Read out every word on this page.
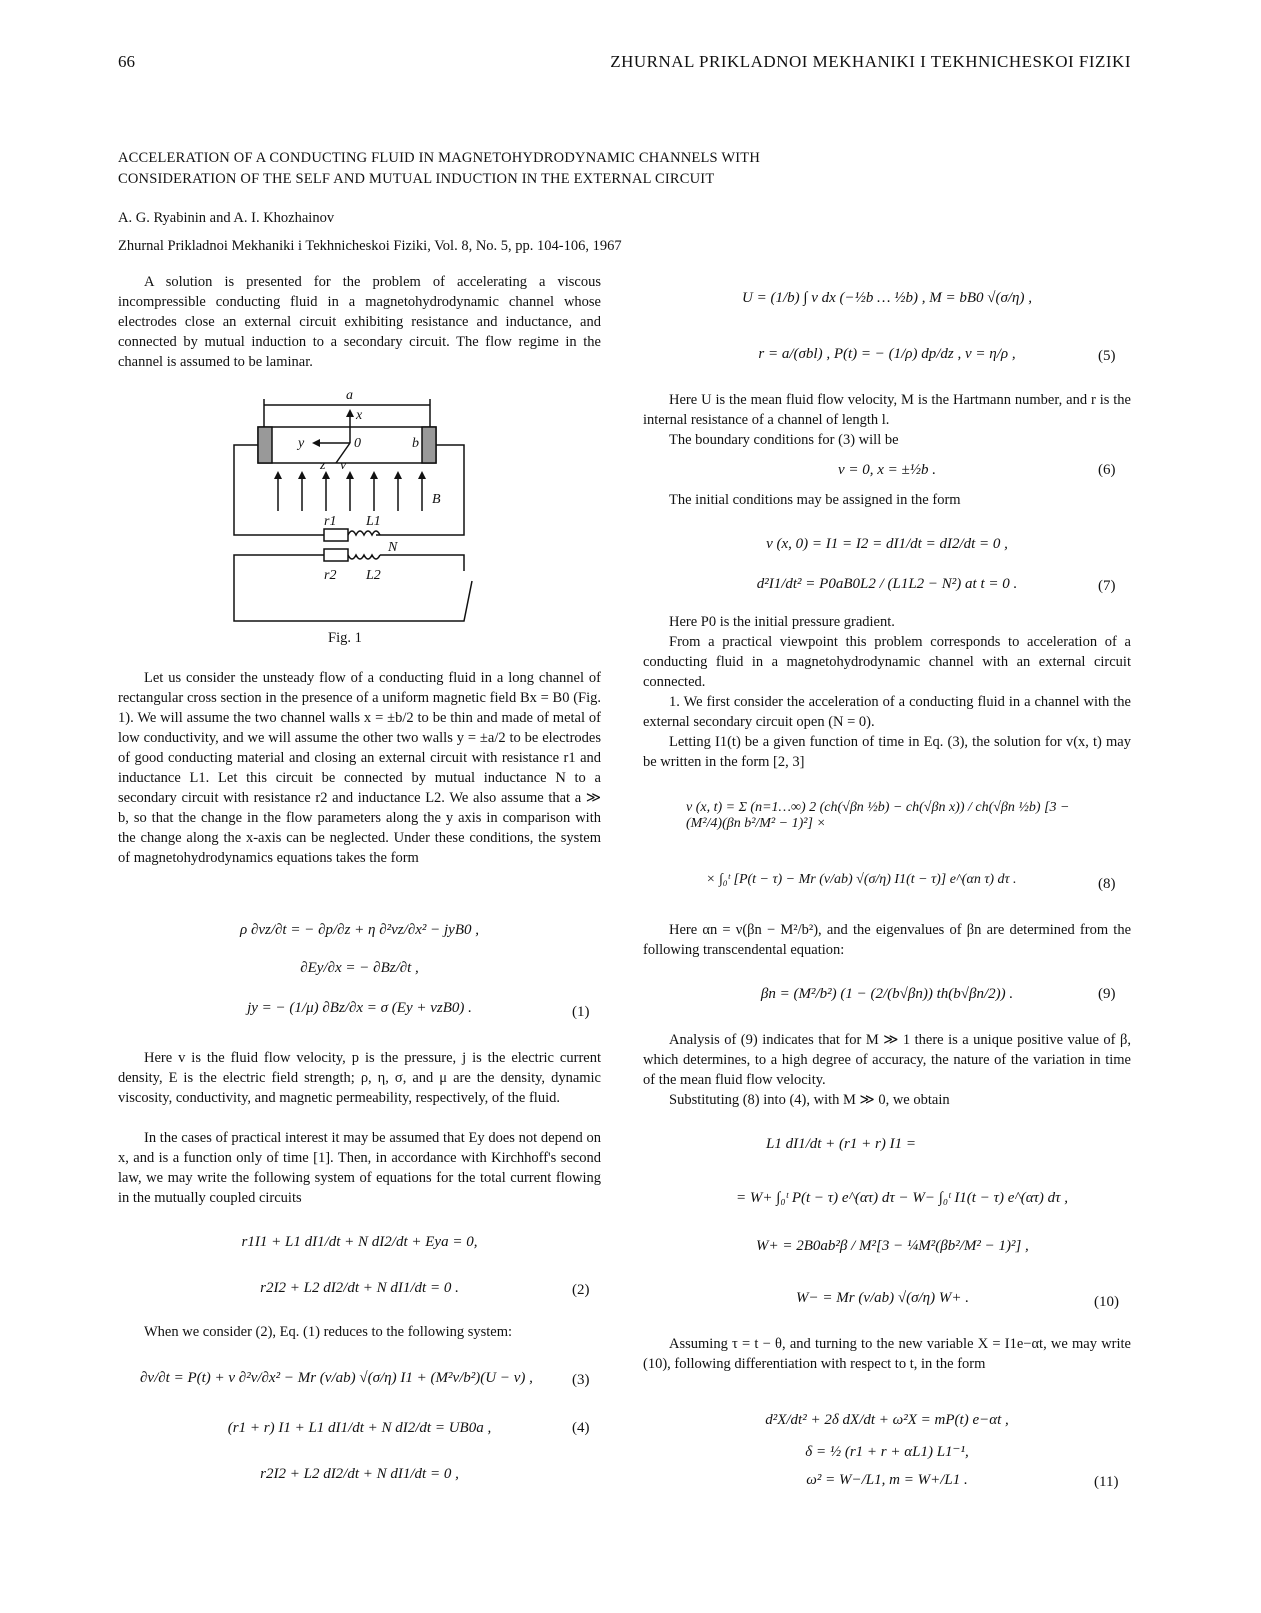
66	ZHURNAL PRIKLADNOI MEKHANIKI I TEKHNICHESKOI FIZIKI
ACCELERATION OF A CONDUCTING FLUID IN MAGNETOHYDRODYNAMIC CHANNELS WITH
CONSIDERATION OF THE SELF AND MUTUAL INDUCTION IN THE EXTERNAL CIRCUIT
A. G. Ryabinin and A. I. Khozhainov
Zhurnal Prikladnoi Mekhaniki i Tekhnicheskoi Fiziki, Vol. 8, No. 5, pp. 104-106, 1967

A solution is presented for the problem of accelerating a viscous incompressible conducting fluid in a magnetohydrodynamic channel whose electrodes close an external circuit exhibiting resistance and inductance, and connected by mutual induction to a secondary circuit. The flow regime in the channel is assumed to be laminar.

a
x
y	0	b
z v
B
r1 L1
N
r2 L2
Fig. 1

Let us consider the unsteady flow of a conducting fluid in a long channel of rectangular cross section in the presence of a uniform magnetic field Bx = B0 (Fig. 1). We will assume the two channel walls x = ±b/2 to be thin and made of metal of low conductivity, and we will assume the other two walls y = ±a/2 to be electrodes of good conducting material and closing an external circuit with resistance r1 and inductance L1. Let this circuit be connected by mutual inductance N to a secondary circuit with resistance r2 and inductance L2. We also assume that a ≫ b, so that the change in the flow parameters along the y axis in comparison with the change along the x-axis can be neglected. Under these conditions, the system of magnetohydrodynamics equations takes the form

ρ ∂vz/∂t = − ∂p/∂z + η ∂²vz/∂x² − jyB0 ,
∂Ey/∂x = − ∂Bz/∂t ,
jy = − (1/μ) ∂Bz/∂x = σ (Ey + vzB0) .	(1)

Here v is the fluid flow velocity, p is the pressure, j is the electric current density, E is the electric field strength; ρ, η, σ, and μ are the density, dynamic viscosity, conductivity, and magnetic permeability, respectively, of the fluid.

In the cases of practical interest it may be assumed that Ey does not depend on x, and is a function only of time [1]. Then, in accordance with Kirchhoff's second law, we may write the following system of equations for the total current flowing in the mutually coupled circuits

r1I1 + L1 dI1/dt + N dI2/dt + Eya = 0,
r2I2 + L2 dI2/dt + N dI1/dt = 0 .	(2)

When we consider (2), Eq. (1) reduces to the following system:

∂v/∂t = P(t) + ν ∂²v/∂x² − Mr (ν/ab) √(σ/η) I1 + (M²ν/b²)(U − v) ,	(3)
(r1 + r) I1 + L1 dI1/dt + N dI2/dt = UB0a ,	(4)
r2I2 + L2 dI2/dt + N dI1/dt = 0 ,
U = (1/b) ∫ v dx (−½b … ½b) , M = bB0 √(σ/η) ,
r = a/(σbl) , P(t) = − (1/ρ) dp/dz , ν = η/ρ ,	(5)

Here U is the mean fluid flow velocity, M is the Hartmann number, and r is the internal resistance of a channel of length l.

The boundary conditions for (3) will be

v = 0, x = ±½b .	(6)

The initial conditions may be assigned in the form

v (x, 0) = I1 = I2 = dI1/dt = dI2/dt = 0 ,
d²I1/dt² = P0aB0L2 / (L1L2 − N²) at t = 0 .	(7)

Here P0 is the initial pressure gradient.

From a practical viewpoint this problem corresponds to acceleration of a conducting fluid in a magnetohydrodynamic channel with an external circuit connected.

1. We first consider the acceleration of a conducting fluid in a channel with the external secondary circuit open (N = 0).

Letting I1(t) be a given function of time in Eq. (3), the solution for v(x, t) may be written in the form [2, 3]

v (x, t) = Σ (n=1…∞) 2 (ch(√βn ½b) − ch(√βn x)) / ch(√βn ½b) [3 − (M²/4)(βn b²/M² − 1)²] ×
× ∫₀ᵗ [P(t − τ) − Mr (ν/ab) √(σ/η) I1(t − τ)] e^(αn τ) dτ .	(8)

Here αn = ν(βn − M²/b²), and the eigenvalues of βn are determined from the following transcendental equation:

βn = (M²/b²) (1 − (2/(b√βn)) th(b√βn/2)) .	(9)

Analysis of (9) indicates that for M ≫ 1 there is a unique positive value of β, which determines, to a high degree of accuracy, the nature of the variation in time of the mean fluid flow velocity.

Substituting (8) into (4), with M ≫ 0, we obtain

L1 dI1/dt + (r1 + r) I1 =
= W+ ∫₀ᵗ P(t − τ) e^(ατ) dτ − W− ∫₀ᵗ I1(t − τ) e^(ατ) dτ ,
W+ = 2B0ab²β / M²[3 − ¼M²(βb²/M² − 1)²] ,
W− = Mr (ν/ab) √(σ/η) W+ .	(10)

Assuming τ = t − θ, and turning to the new variable X = I1e−αt, we may write (10), following differentiation with respect to t, in the form

d²X/dt² + 2δ dX/dt + ω²X = mP(t) e−αt ,
δ = ½ (r1 + r + αL1) L1⁻¹,
ω² = W−/L1, m = W+/L1 .	(11)
